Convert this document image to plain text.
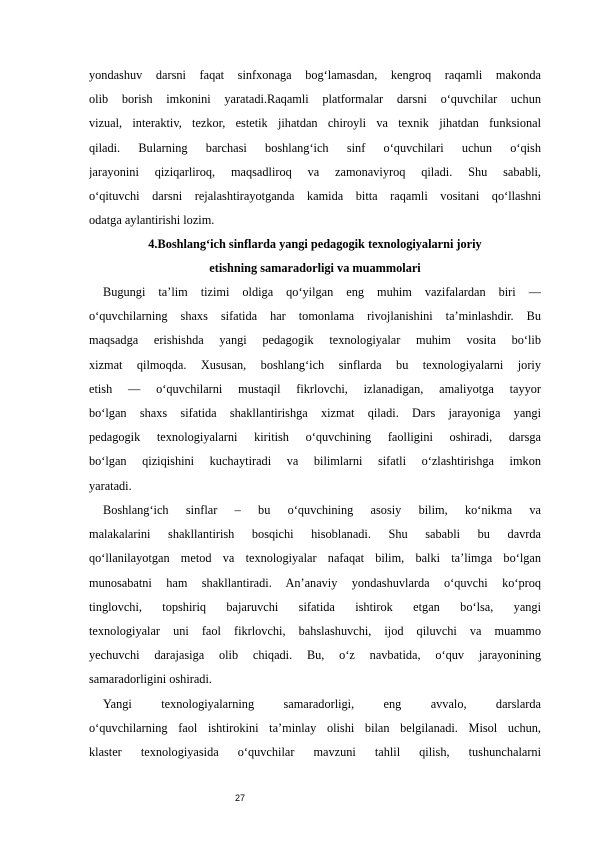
yondashuv darsni faqat sinfxonaga bog‘lamasdan, kengroq raqamli makonda
olib borish imkonini yaratadi.Raqamli platformalar darsni o‘quvchilar uchun
vizual, interaktiv, tezkor, estetik jihatdan chiroyli va texnik jihatdan funksional
qiladi. Bularning barchasi boshlang‘ich sinf o‘quvchilari uchun o‘qish
jarayonini qiziqarliroq, maqsadliroq va zamonaviyroq qiladi. Shu sababli,
o‘qituvchi darsni rejalashtirayotganda kamida bitta raqamli vositani qo‘llashni
odatga aylantirishi lozim.
4.Boshlang‘ich sinflarda yangi pedagogik texnologiyalarni joriy
etishning samaradorligi va muammolari
Bugungi ta’lim tizimi oldiga qo‘yilgan eng muhim vazifalardan biri —
o‘quvchilarning shaxs sifatida har tomonlama rivojlanishini ta’minlashdir. Bu
maqsadga erishishda yangi pedagogik texnologiyalar muhim vosita bo‘lib
xizmat qilmoqda. Xususan, boshlang‘ich sinflarda bu texnologiyalarni joriy
etish — o‘quvchilarni mustaqil fikrlovchi, izlanadigan, amaliyotga tayyor
bo‘lgan shaxs sifatida shakllantirishga xizmat qiladi. Dars jarayoniga yangi
pedagogik texnologiyalarni kiritish o‘quvchining faolligini oshiradi, darsga
bo‘lgan qiziqishini kuchaytiradi va bilimlarni sifatli o‘zlashtirishga imkon
yaratadi.
Boshlang‘ich sinflar – bu o‘quvchining asosiy bilim, ko‘nikma va
malakalarini shakllantirish bosqichi hisoblanadi. Shu sababli bu davrda
qo‘llanilayotgan metod va texnologiyalar nafaqat bilim, balki ta’limga bo‘lgan
munosabatni ham shakllantiradi. An’anaviy yondashuvlarda o‘quvchi ko‘proq
tinglovchi, topshiriq bajaruvchi sifatida ishtirok etgan bo‘lsa, yangi
texnologiyalar uni faol fikrlovchi, bahslashuvchi, ijod qiluvchi va muammo
yechuvchi darajasiga olib chiqadi. Bu, o‘z navbatida, o‘quv jarayonining
samaradorligini oshiradi.
Yangi texnologiyalarning samaradorligi, eng avvalo, darslarda
o‘quvchilarning faol ishtirokini ta’minlay olishi bilan belgilanadi. Misol uchun,
klaster texnologiyasida o‘quvchilar mavzuni tahlil qilish, tushunchalarni
27
